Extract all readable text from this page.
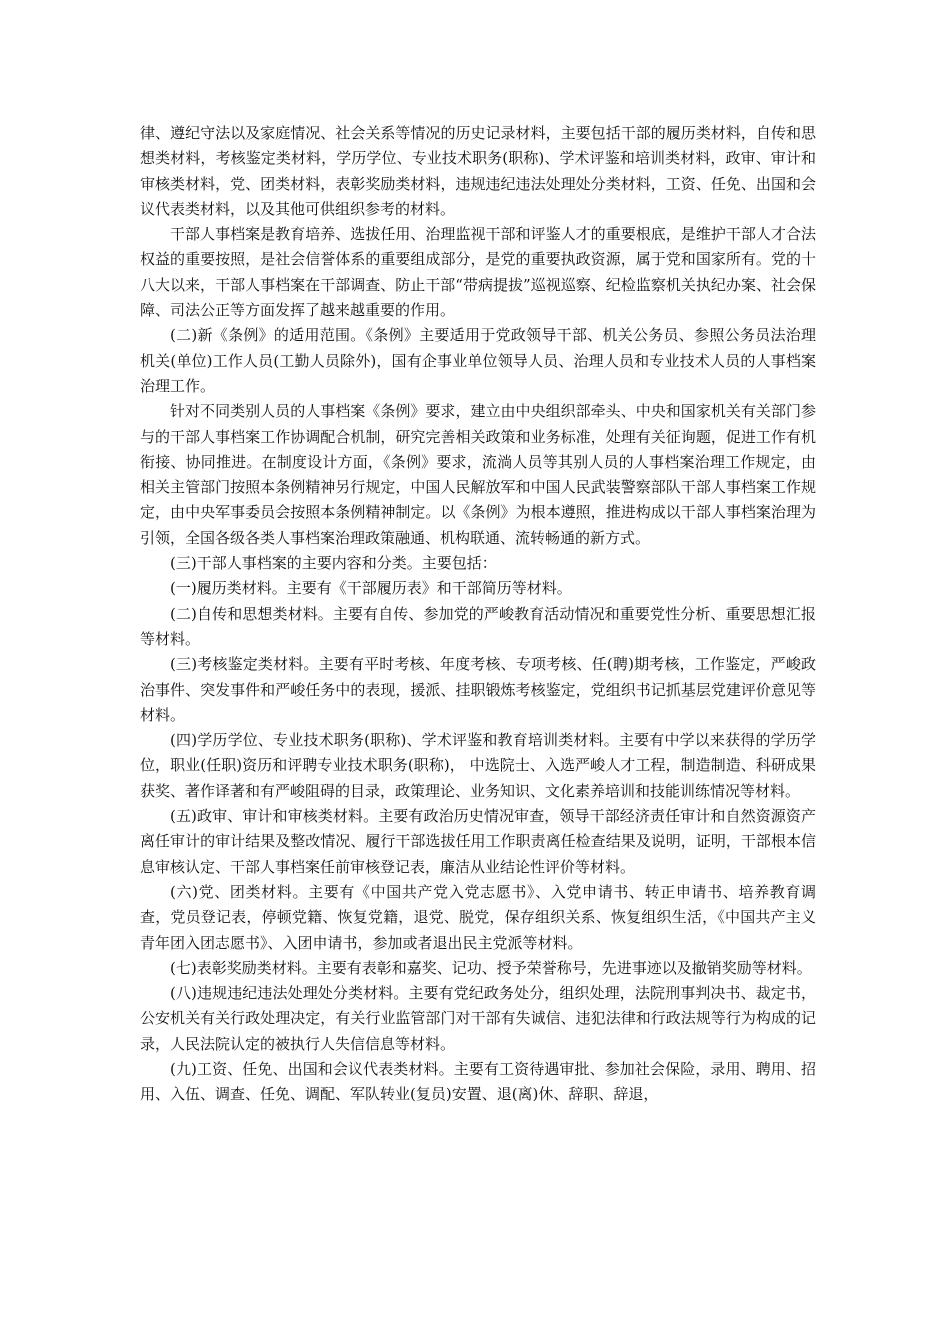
律、遵纪守法以及家庭情况、社会关系等情况的历史记录材料，主要包括干部的履历类材料，自传和思想类材料，考核鉴定类材料，学历学位、专业技术职务(职称)、学术评鉴和培训类材料，政审、审计和审核类材料，党、团类材料，表彰奖励类材料，违规违纪违法处理处分类材料，工资、任免、出国和会议代表类材料，以及其他可供组织参考的材料。

干部人事档案是教育培养、选拔任用、治理监视干部和评鉴人才的重要根底，是维护干部人才合法权益的重要按照，是社会信誉体系的重要组成部分，是党的重要执政资源，属于党和国家所有。党的十八大以来，干部人事档案在干部调查、防止干部“带病提拔”巡视巡察、纪检监察机关执纪办案、社会保障、司法公正等方面发挥了越来越重要的作用。

(二)新《条例》的适用范围。《条例》主要适用于党政领导干部、机关公务员、参照公务员法治理机关(单位)工作人员(工勤人员除外)，国有企事业单位领导人员、治理人员和专业技术人员的人事档案治理工作。

针对不同类别人员的人事档案《条例》要求，建立由中央组织部牵头、中央和国家机关有关部门参与的干部人事档案工作协调配合机制，研究完善相关政策和业务标准，处理有关征询题，促进工作有机衔接、协同推进。在制度设计方面，《条例》要求，流淌人员等其别人员的人事档案治理工作规定，由相关主管部门按照本条例精神另行规定，中国人民解放军和中国人民武装警察部队干部人事档案工作规定，由中央军事委员会按照本条例精神制定。以《条例》为根本遵照，推进构成以干部人事档案治理为引领，全国各级各类人事档案治理政策融通、机构联通、流转畅通的新方式。

(三)干部人事档案的主要内容和分类。主要包括：

(一)履历类材料。主要有《干部履历表》和干部简历等材料。

(二)自传和思想类材料。主要有自传、参加党的严峻教育活动情况和重要党性分析、重要思想汇报等材料。

(三)考核鉴定类材料。主要有平时考核、年度考核、专项考核、任(聘)期考核，工作鉴定，严峻政治事件、突发事件和严峻任务中的表现，援派、挂职锻炼考核鉴定，党组织书记抓基层党建评价意见等材料。

(四)学历学位、专业技术职务(职称)、学术评鉴和教育培训类材料。主要有中学以来获得的学历学位，职业(任职)资历和评聘专业技术职务(职称)， 中选院士、入选严峻人才工程，制造制造、科研成果获奖、著作译著和有严峻阻碍的目录，政策理论、业务知识、文化素养培训和技能训练情况等材料。

(五)政审、审计和审核类材料。主要有政治历史情况审查，领导干部经济责任审计和自然资源资产离任审计的审计结果及整改情况、履行干部选拔任用工作职责离任检查结果及说明，证明，干部根本信息审核认定、干部人事档案任前审核登记表，廉洁从业结论性评价等材料。

(六)党、团类材料。主要有《中国共产党入党志愿书》、入党申请书、转正申请书、培养教育调查，党员登记表，停顿党籍、恢复党籍，退党、脱党，保存组织关系、恢复组织生活，《中国共产主义青年团入团志愿书》、入团申请书，参加或者退出民主党派等材料。

(七)表彰奖励类材料。主要有表彰和嘉奖、记功、授予荣誉称号，先进事迹以及撤销奖励等材料。

(八)违规违纪违法处理处分类材料。主要有党纪政务处分，组织处理，法院刑事判决书、裁定书，公安机关有关行政处理决定，有关行业监管部门对干部有失诚信、违犯法律和行政法规等行为构成的记录，人民法院认定的被执行人失信信息等材料。

(九)工资、任免、出国和会议代表类材料。主要有工资待遇审批、参加社会保险，录用、聘用、招用、入伍、调查、任免、调配、军队转业(复员)安置、退(离)休、辞职、辞退，
